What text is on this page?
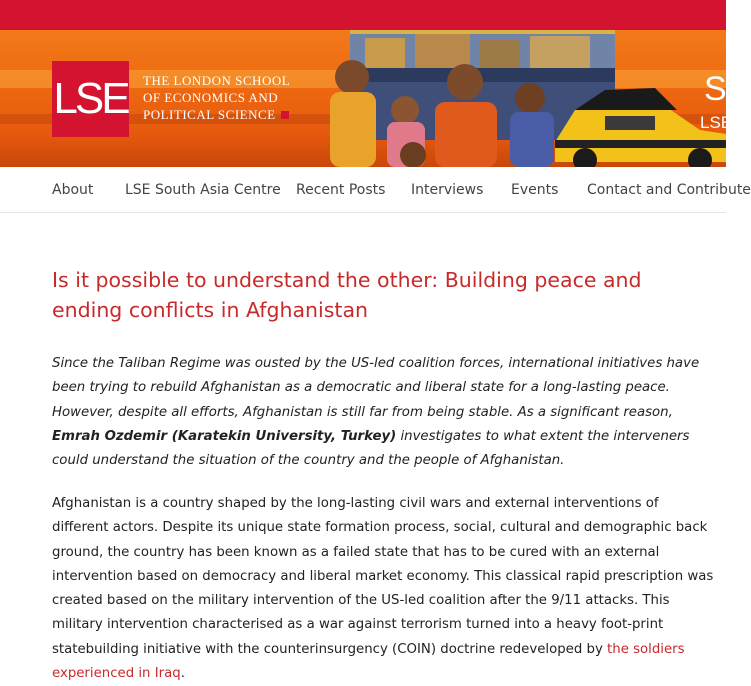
LSE THE LONDON SCHOOL
OF ECONOMICS AND
POLITICAL SCIENCE
S
LSE
About LSE South Asia Centre Recent Posts Interviews Events Contact and Contribute
Is it possible to understand the other: Building peace and ending conflicts in Afghanistan

Since the Taliban Regime was ousted by the US-led coalition forces, international initiatives have been trying to rebuild Afghanistan as a democratic and liberal state for a long-lasting peace. However, despite all efforts, Afghanistan is still far from being stable. As a significant reason, Emrah Ozdemir (Karatekin University, Turkey) investigates to what extent the interveners could understand the situation of the country and the people of Afghanistan.

Afghanistan is a country shaped by the long-lasting civil wars and external interventions of different actors. Despite its unique state formation process, social, cultural and demographic back ground, the country has been known as a failed state that has to be cured with an external intervention based on democracy and liberal market economy. This classical rapid prescription was created based on the military intervention of the US-led coalition after the 9/11 attacks. This military intervention characterised as a war against terrorism turned into a heavy foot-print statebuilding initiative with the counterinsurgency (COIN) doctrine redeveloped by the soldiers experienced in Iraq.
